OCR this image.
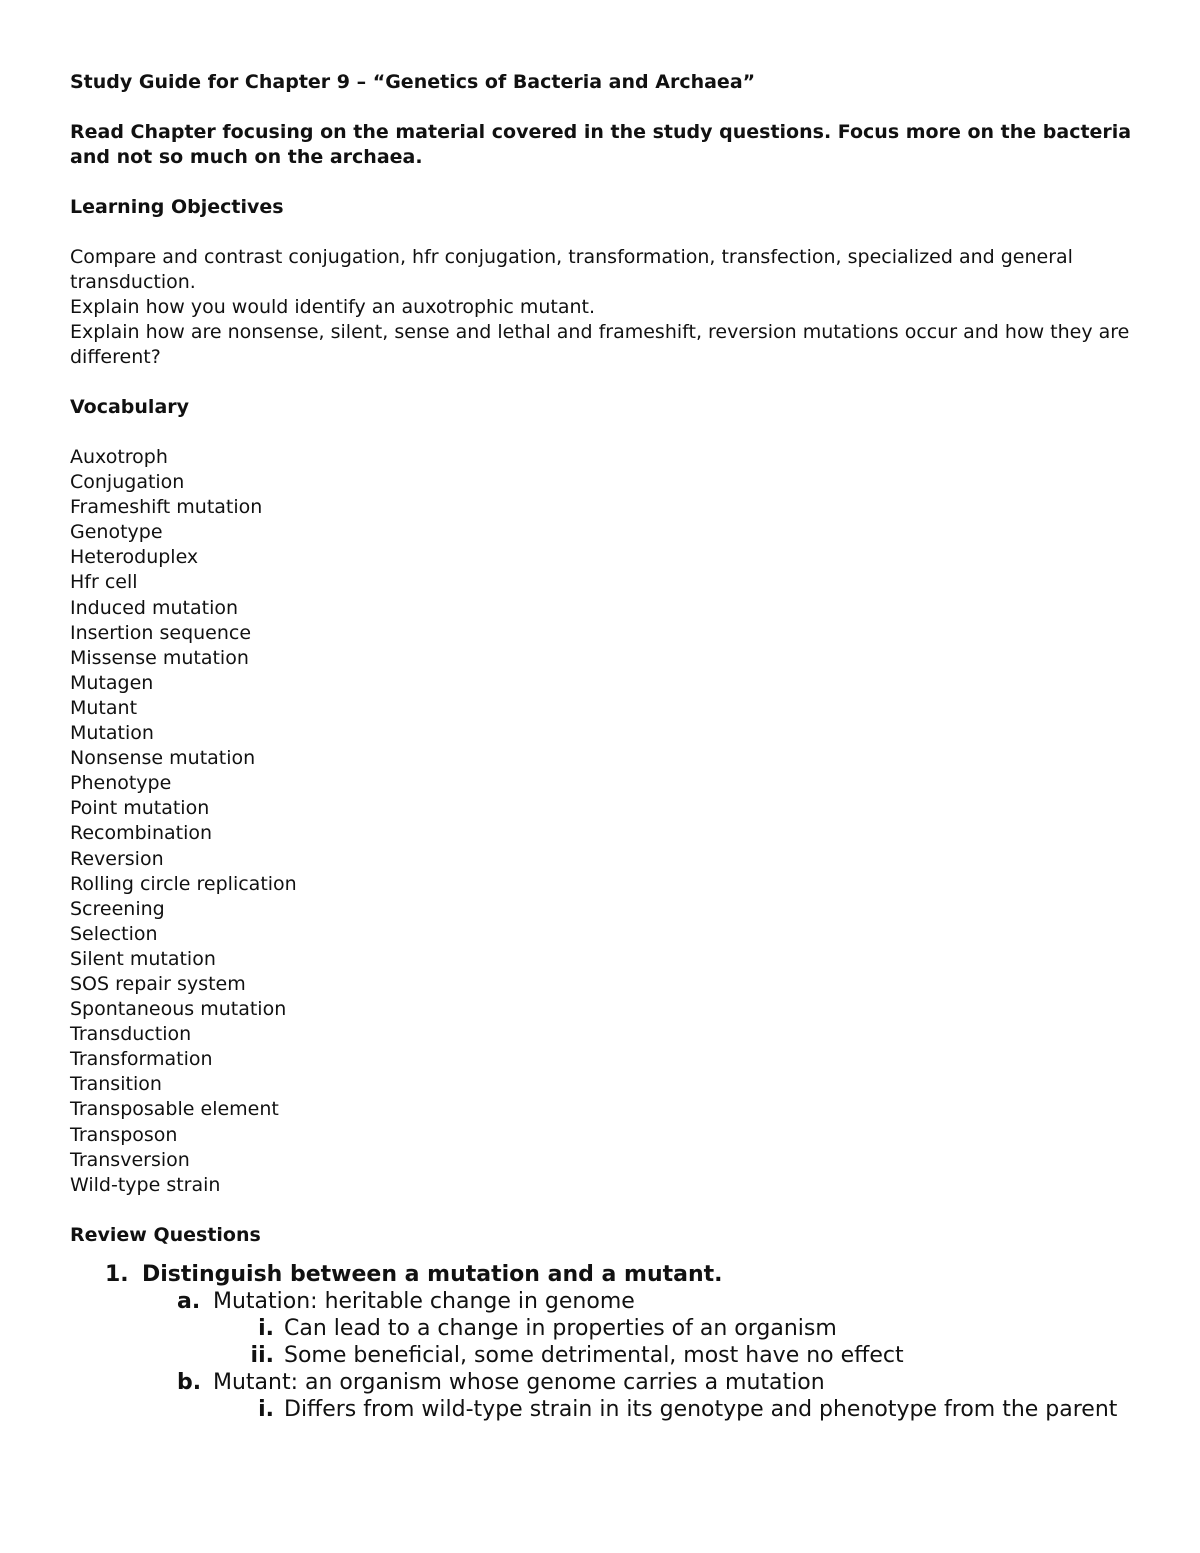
Study Guide for Chapter 9 – “Genetics of Bacteria and Archaea”

Read Chapter focusing on the material covered in the study questions. Focus more on the bacteria and not so much on the archaea.

Learning Objectives

Compare and contrast conjugation, hfr conjugation, transformation, transfection, specialized and general transduction.

Explain how you would identify an auxotrophic mutant.

Explain how are nonsense, silent, sense and lethal and frameshift, reversion mutations occur and how they are different?

Vocabulary

Auxotroph
Conjugation
Frameshift mutation
Genotype
Heteroduplex
Hfr cell
Induced mutation
Insertion sequence
Missense mutation
Mutagen
Mutant
Mutation
Nonsense mutation
Phenotype
Point mutation
Recombination
Reversion
Rolling circle replication
Screening
Selection
Silent mutation
SOS repair system
Spontaneous mutation
Transduction
Transformation
Transition
Transposable element
Transposon
Transversion
Wild-type strain

Review Questions

1. Distinguish between a mutation and a mutant.
a. Mutation: heritable change in genome
i. Can lead to a change in properties of an organism
ii. Some beneficial, some detrimental, most have no effect
b. Mutant: an organism whose genome carries a mutation
i. Differs from wild-type strain in its genotype and phenotype from the parent
